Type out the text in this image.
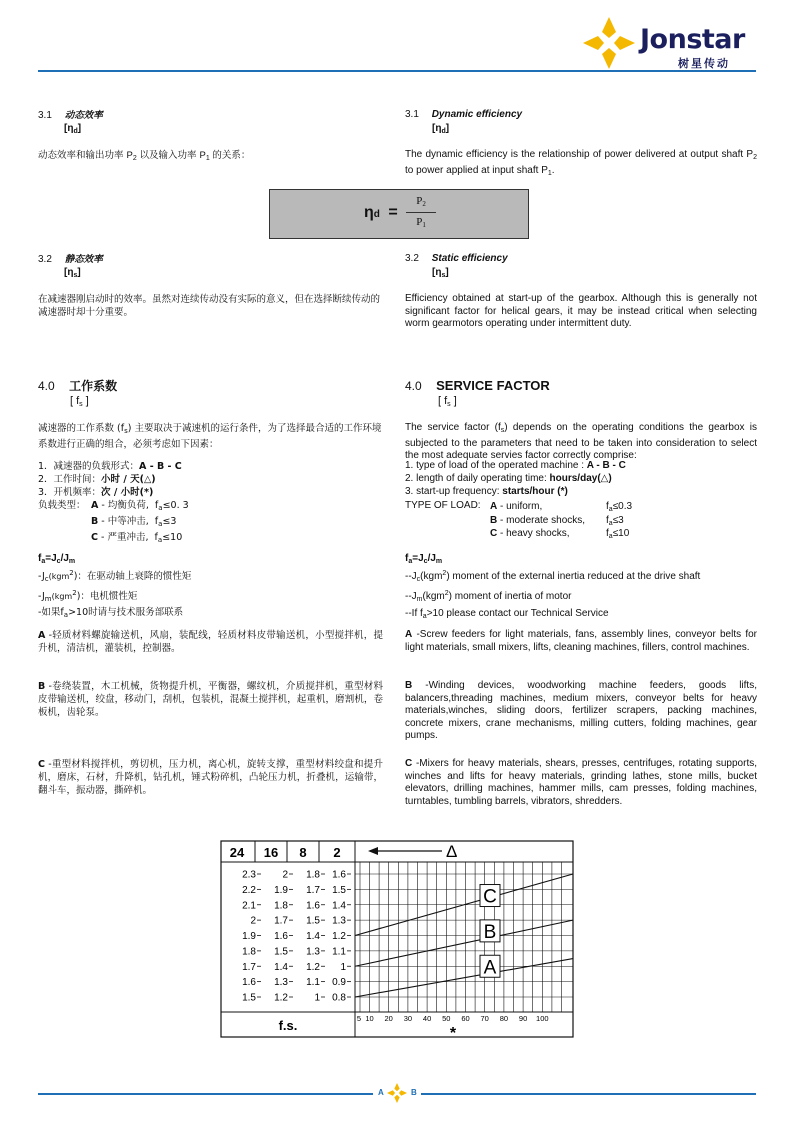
Jonstar
树星传动
3.1 动态效率
$[\eta_d]$
动态效率和输出功率 $P_2$ 以及输入功率 $P_1$ 的关系：
3.1 Dynamic efficiency
$[\eta_d]$
The dynamic efficiency is the relationship of power delivered at output shaft $P_2$ to power applied at input shaft $P_1$.
ηd =
$P_2$
$P_1$
3.2 静态效率
$[\eta_s]$
在减速器刚启动时的效率。虽然对连续传动没有实际的意义，但在选择断续传动的减速器时却十分重要。
3.2 Static efficiency
$[\eta_s]$
Efficiency obtained at start-up of the gearbox. Although this is generally not significant factor for helical gears, it may be instead critical when selecting worm gearmotors operating under intermittent duty.
4.0 工作系数
[ $f_s$ ]
4.0 SERVICE FACTOR
[ $f_s$ ]
减速器的工作系数 $(f_s)$ 主要取决于减速机的运行条件，为了选择最合适的工作环境系数进行正确的组合，必须考虑如下因素：
The service factor $(f_s)$ depends on the operating conditions the gearbox is subjected to the parameters that need to be taken into consideration to select the most adequate servies factor correctly comprise:
1．减速器的负载形式：A - B - C
2．工作时间：小时 / 天(△)
3．开机频率：次 / 小时(*)
负载类型： A - 均衡负荷, $f_a\le 0$. 3
B - 中等冲击, $f_a\le 3$
C - 严重冲击, $f_a\le 10$
1. type of load of the operated machine : A - B - C
2. length of daily operating time: hours/day(△)
3. start-up frequency: starts/hour (*)
TYPE OF LOAD: A - uniform,	$f_a\le 0.3$
B - moderate shocks, $f_a\le 3$
C - heavy shocks,	$f_a\le 10$
$f_a=J_c/J_m$
$-J_c(kgm^2)$：在驱动轴上衰降的惯性矩
$-J_m(kgm^2)$：电机惯性矩
-如果$f_a>10$时请与技术服务部联系
$f_a=J_c/J_m$
$--J_c(kgm^2)$ moment of the external inertia reduced at the drive shaft
$--J_m(kgm^2)$ moment of inertia of motor
--If $f_a>10$ please contact our Technical Service
A -轻质材料螺旋输送机，风扇，装配线，轻质材料皮带输送机，小型搅拌机，提升机，清洁机，灌装机，控制器。
A -Screw feeders for light materials, fans, assembly lines, conveyor belts for light materials, small mixers, lifts, cleaning machines, fillers, control machines.
B -卷绕装置，木工机械，货物提升机，平衡器，螺纹机，介质搅拌机，重型材料皮带输送机，绞盘，移动门，刮机，包装机，混凝土搅拌机，起重机，磨割机，卷板机，齿轮泵。
B -Winding devices, woodworking machine feeders, goods lifts, balancers,threading machines, medium mixers, conveyor belts for heavy materials,winches, sliding doors, fertilizer scrapers, packing machines, concrete mixers, crane mechanisms, milling cutters, folding machines, gear pumps.
C -重型材料搅拌机，剪切机，压力机，离心机，旋转支撑，重型材料绞盘和提升机，磨床，石材，升降机，钻孔机，锤式粉碎机，凸轮压力机，折叠机，运输带，翻斗车，振动器，撕碎机。
C -Mixers for heavy materials, shears, presses, centrifuges, rotating supports, winches and lifts for heavy materials, grinding lathes, stone mills, bucket elevators, drilling machines, hammer mills, cam presses, folding machines, turntables, tumbling barrels, vibrators, shredders.
24 16 8 2	Δ
f.s.	*
2.3
2.2
2.1
2
1.9
1.8
1.7
1.6
1.5
2
1.9
1.8
1.7
1.6
1.5
1.4
1.3
1.2
1.8
1.7
1.6
1.5
1.4
1.3
1.2
1.1
1
1.6
1.5
1.4
1.3
1.2
1.1
1
0.9
0.8
5 10 20 30 40 50 60 70 80 90 100
A
B
C
A	B
